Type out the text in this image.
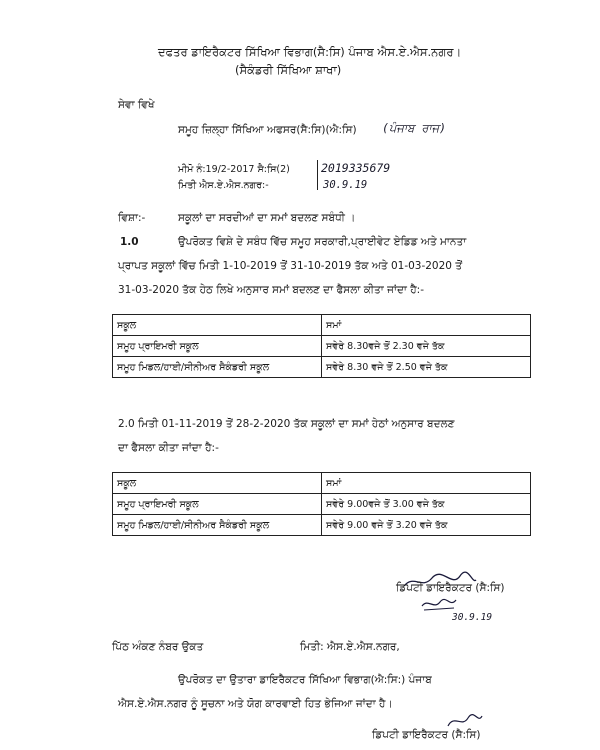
ਦਫਤਰ ਡਾਇਰੈਕਟਰ ਸਿੱਖਿਆ ਵਿਭਾਗ(ਸੈ:ਸਿ) ਪੰਜਾਬ ਐਸ.ਏ.ਐਸ.ਨਗਰ।
(ਸੈਕੰਡਰੀ ਸਿੱਖਿਆ ਸ਼ਾਖਾ)
ਸੇਵਾ ਵਿਖੇ
ਸਮੂਹ ਜ਼ਿਲ੍ਹਾ ਸਿੱਖਿਆ ਅਫਸਰ(ਸੈ:ਸਿ)(ਐ:ਸਿ) (ਪੰਜਾਬ ਰਾਜ)
ਮੀਮੋ ਨੰ:19/2-2017 ਸੈ:ਸਿ(2)	2019335679
ਮਿਤੀ ਐਸ.ਏ.ਐਸ.ਨਗਰ:-	30.9.19
ਵਿਸ਼ਾ:-	ਸਕੂਲਾਂ ਦਾ ਸਰਦੀਆਂ ਦਾ ਸਮਾਂ ਬਦਲਣ ਸਬੰਧੀ ।
1.0	ਉਪਰੋਕਤ ਵਿਸ਼ੇ ਦੇ ਸਬੰਧ ਵਿੱਚ ਸਮੂਹ ਸਰਕਾਰੀ,ਪ੍ਰਾਈਵੇਟ ਏਡਿਡ ਅਤੇ ਮਾਨਤਾ
ਪ੍ਰਾਪਤ ਸਕੂਲਾਂ ਵਿੱਚ ਮਿਤੀ 1-10-2019 ਤੋਂ 31-10-2019 ਤੱਕ ਅਤੇ 01-03-2020 ਤੋਂ
31-03-2020 ਤੱਕ ਹੇਠ ਲਿਖੇ ਅਨੁਸਾਰ ਸਮਾਂ ਬਦਲਣ ਦਾ ਫੈਸਲਾ ਕੀਤਾ ਜਾਂਦਾ ਹੈ:-
ਸਕੂਲ	ਸਮਾਂ
ਸਮੂਹ ਪ੍ਰਾਇਮਰੀ ਸਕੂਲ	ਸਵੇਰੇ 8.30ਵਜੇ ਤੋਂ 2.30 ਵਜੇ ਤੱਕ
ਸਮੂਹ ਮਿਡਲ/ਹਾਈ/ਸੀਨੀਅਰ ਸੈਕੰਡਰੀ ਸਕੂਲ	ਸਵੇਰੇ 8.30 ਵਜੇ ਤੋਂ 2.50 ਵਜੇ ਤੱਕ
2.0 ਮਿਤੀ 01-11-2019 ਤੋਂ 28-2-2020 ਤੱਕ ਸਕੂਲਾਂ ਦਾ ਸਮਾਂ ਹੇਠਾਂ ਅਨੁਸਾਰ ਬਦਲਣ
ਦਾ ਫੈਸਲਾ ਕੀਤਾ ਜਾਂਦਾ ਹੈ:-
ਸਕੂਲ	ਸਮਾਂ
ਸਮੂਹ ਪ੍ਰਾਇਮਰੀ ਸਕੂਲ	ਸਵੇਰੇ 9.00ਵਜੇ ਤੋਂ 3.00 ਵਜੇ ਤੱਕ
ਸਮੂਹ ਮਿਡਲ/ਹਾਈ/ਸੀਨੀਅਰ ਸੈਕੰਡਰੀ ਸਕੂਲ	ਸਵੇਰੇ 9.00 ਵਜੇ ਤੋਂ 3.20 ਵਜੇ ਤੱਕ
ਡਿਪਟੀ ਡਾਇਰੈਕਟਰ (ਸੈ:ਸਿ)
30.9.19
ਪਿੱਠ ਅੰਕਣ ਨੰਬਰ ਉਕਤ	ਮਿਤੀ: ਐਸ.ਏ.ਐਸ.ਨਗਰ,
ਉਪਰੋਕਤ ਦਾ ਉਤਾਰਾ ਡਾਇਰੈਕਟਰ ਸਿੱਖਿਆ ਵਿਭਾਗ(ਐ:ਸਿ:) ਪੰਜਾਬ
ਐਸ.ਏ.ਐਸ.ਨਗਰ ਨੂੰ ਸੂਚਨਾ ਅਤੇ ਯੋਗ ਕਾਰਵਾਈ ਹਿਤ ਭੇਜਿਆ ਜਾਂਦਾ ਹੈ।
ਡਿਪਟੀ ਡਾਇਰੈਕਟਰ (ਸੈ:ਸਿ)
